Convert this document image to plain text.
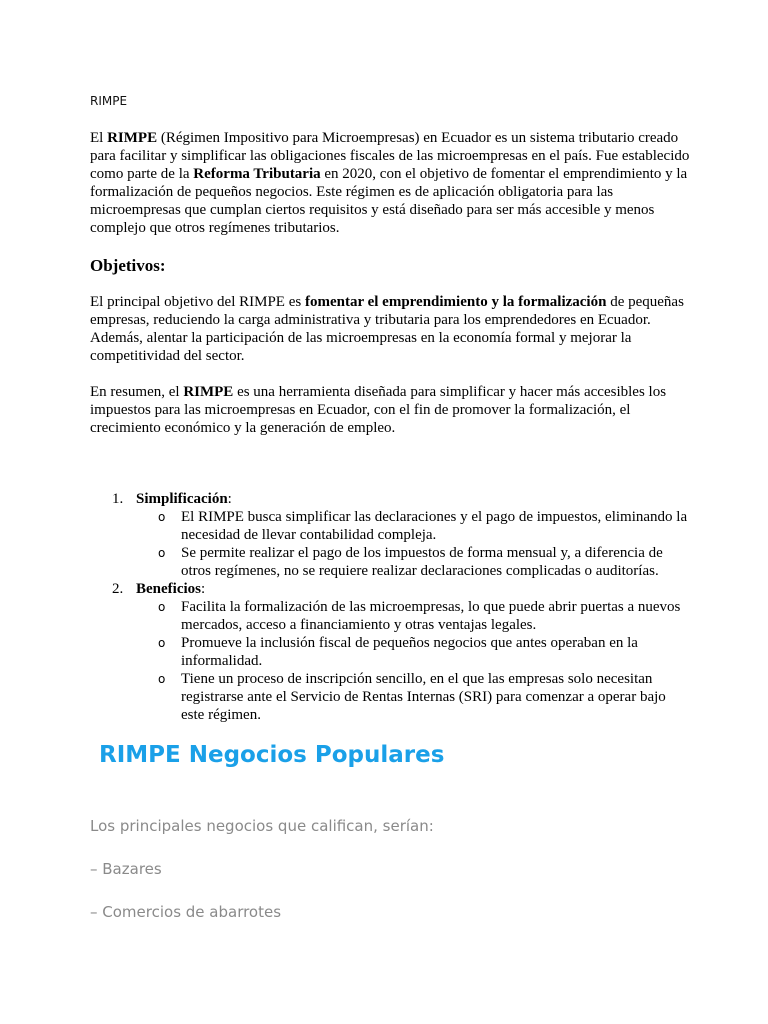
RIMPE

El RIMPE (Régimen Impositivo para Microempresas) en Ecuador es un sistema tributario creado para facilitar y simplificar las obligaciones fiscales de las microempresas en el país. Fue establecido como parte de la Reforma Tributaria en 2020, con el objetivo de fomentar el emprendimiento y la formalización de pequeños negocios. Este régimen es de aplicación obligatoria para las microempresas que cumplan ciertos requisitos y está diseñado para ser más accesible y menos complejo que otros regímenes tributarios.

Objetivos:

El principal objetivo del RIMPE es fomentar el emprendimiento y la formalización de pequeñas empresas, reduciendo la carga administrativa y tributaria para los emprendedores en Ecuador. Además, alentar la participación de las microempresas en la economía formal y mejorar la competitividad del sector.

En resumen, el RIMPE es una herramienta diseñada para simplificar y hacer más accesibles los impuestos para las microempresas en Ecuador, con el fin de promover la formalización, el crecimiento económico y la generación de empleo.

1. Simplificación:
o El RIMPE busca simplificar las declaraciones y el pago de impuestos, eliminando la necesidad de llevar contabilidad compleja.
o Se permite realizar el pago de los impuestos de forma mensual y, a diferencia de otros regímenes, no se requiere realizar declaraciones complicadas o auditorías.
2. Beneficios:
o Facilita la formalización de las microempresas, lo que puede abrir puertas a nuevos mercados, acceso a financiamiento y otras ventajas legales.
o Promueve la inclusión fiscal de pequeños negocios que antes operaban en la informalidad.
o Tiene un proceso de inscripción sencillo, en el que las empresas solo necesitan registrarse ante el Servicio de Rentas Internas (SRI) para comenzar a operar bajo este régimen.
RIMPE Negocios Populares

Los principales negocios que califican, serían:

– Bazares

– Comercios de abarrotes
